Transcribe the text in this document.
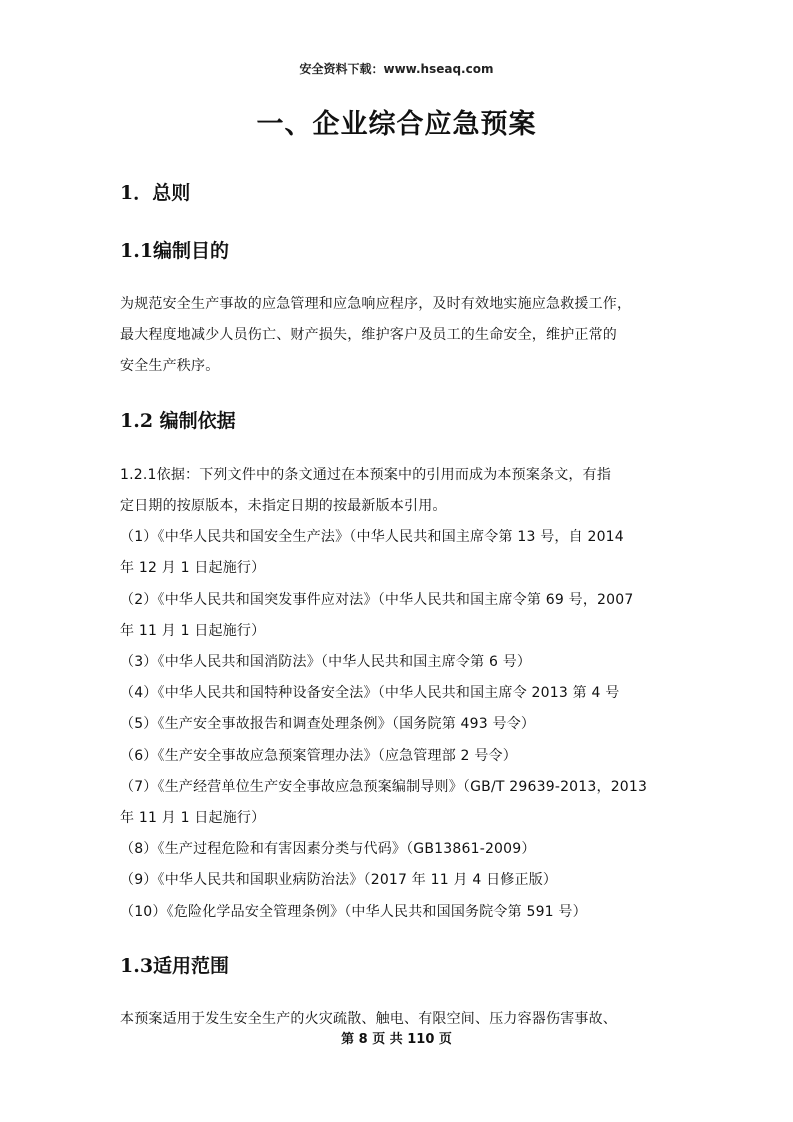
安全资料下载：www.hseaq.com
一、企业综合应急预案
1．总则
1.1编制目的
为规范安全生产事故的应急管理和应急响应程序，及时有效地实施应急救援工作，
最大程度地减少人员伤亡、财产损失，维护客户及员工的生命安全，维护正常的
安全生产秩序。
1.2 编制依据
1.2.1依据：下列文件中的条文通过在本预案中的引用而成为本预案条文，有指
定日期的按原版本，未指定日期的按最新版本引用。
（1）《中华人民共和国安全生产法》（中华人民共和国主席令第 13 号，自 2014
年 12 月 1 日起施行）
（2）《中华人民共和国突发事件应对法》（中华人民共和国主席令第 69 号，2007
年 11 月 1 日起施行）
（3）《中华人民共和国消防法》（中华人民共和国主席令第 6 号）
（4）《中华人民共和国特种设备安全法》（中华人民共和国主席令 2013 第 4 号
（5）《生产安全事故报告和调查处理条例》（国务院第 493 号令）
（6）《生产安全事故应急预案管理办法》（应急管理部 2 号令）
（7）《生产经营单位生产安全事故应急预案编制导则》（GB/T 29639-2013，2013
年 11 月 1 日起施行）
（8）《生产过程危险和有害因素分类与代码》（GB13861-2009）
（9）《中华人民共和国职业病防治法》（2017 年 11 月 4 日修正版）
（10）《危险化学品安全管理条例》（中华人民共和国国务院令第 591 号）
1.3适用范围
本预案适用于发生安全生产的火灾疏散、触电、有限空间、压力容器伤害事故、
第 8 页 共 110 页
